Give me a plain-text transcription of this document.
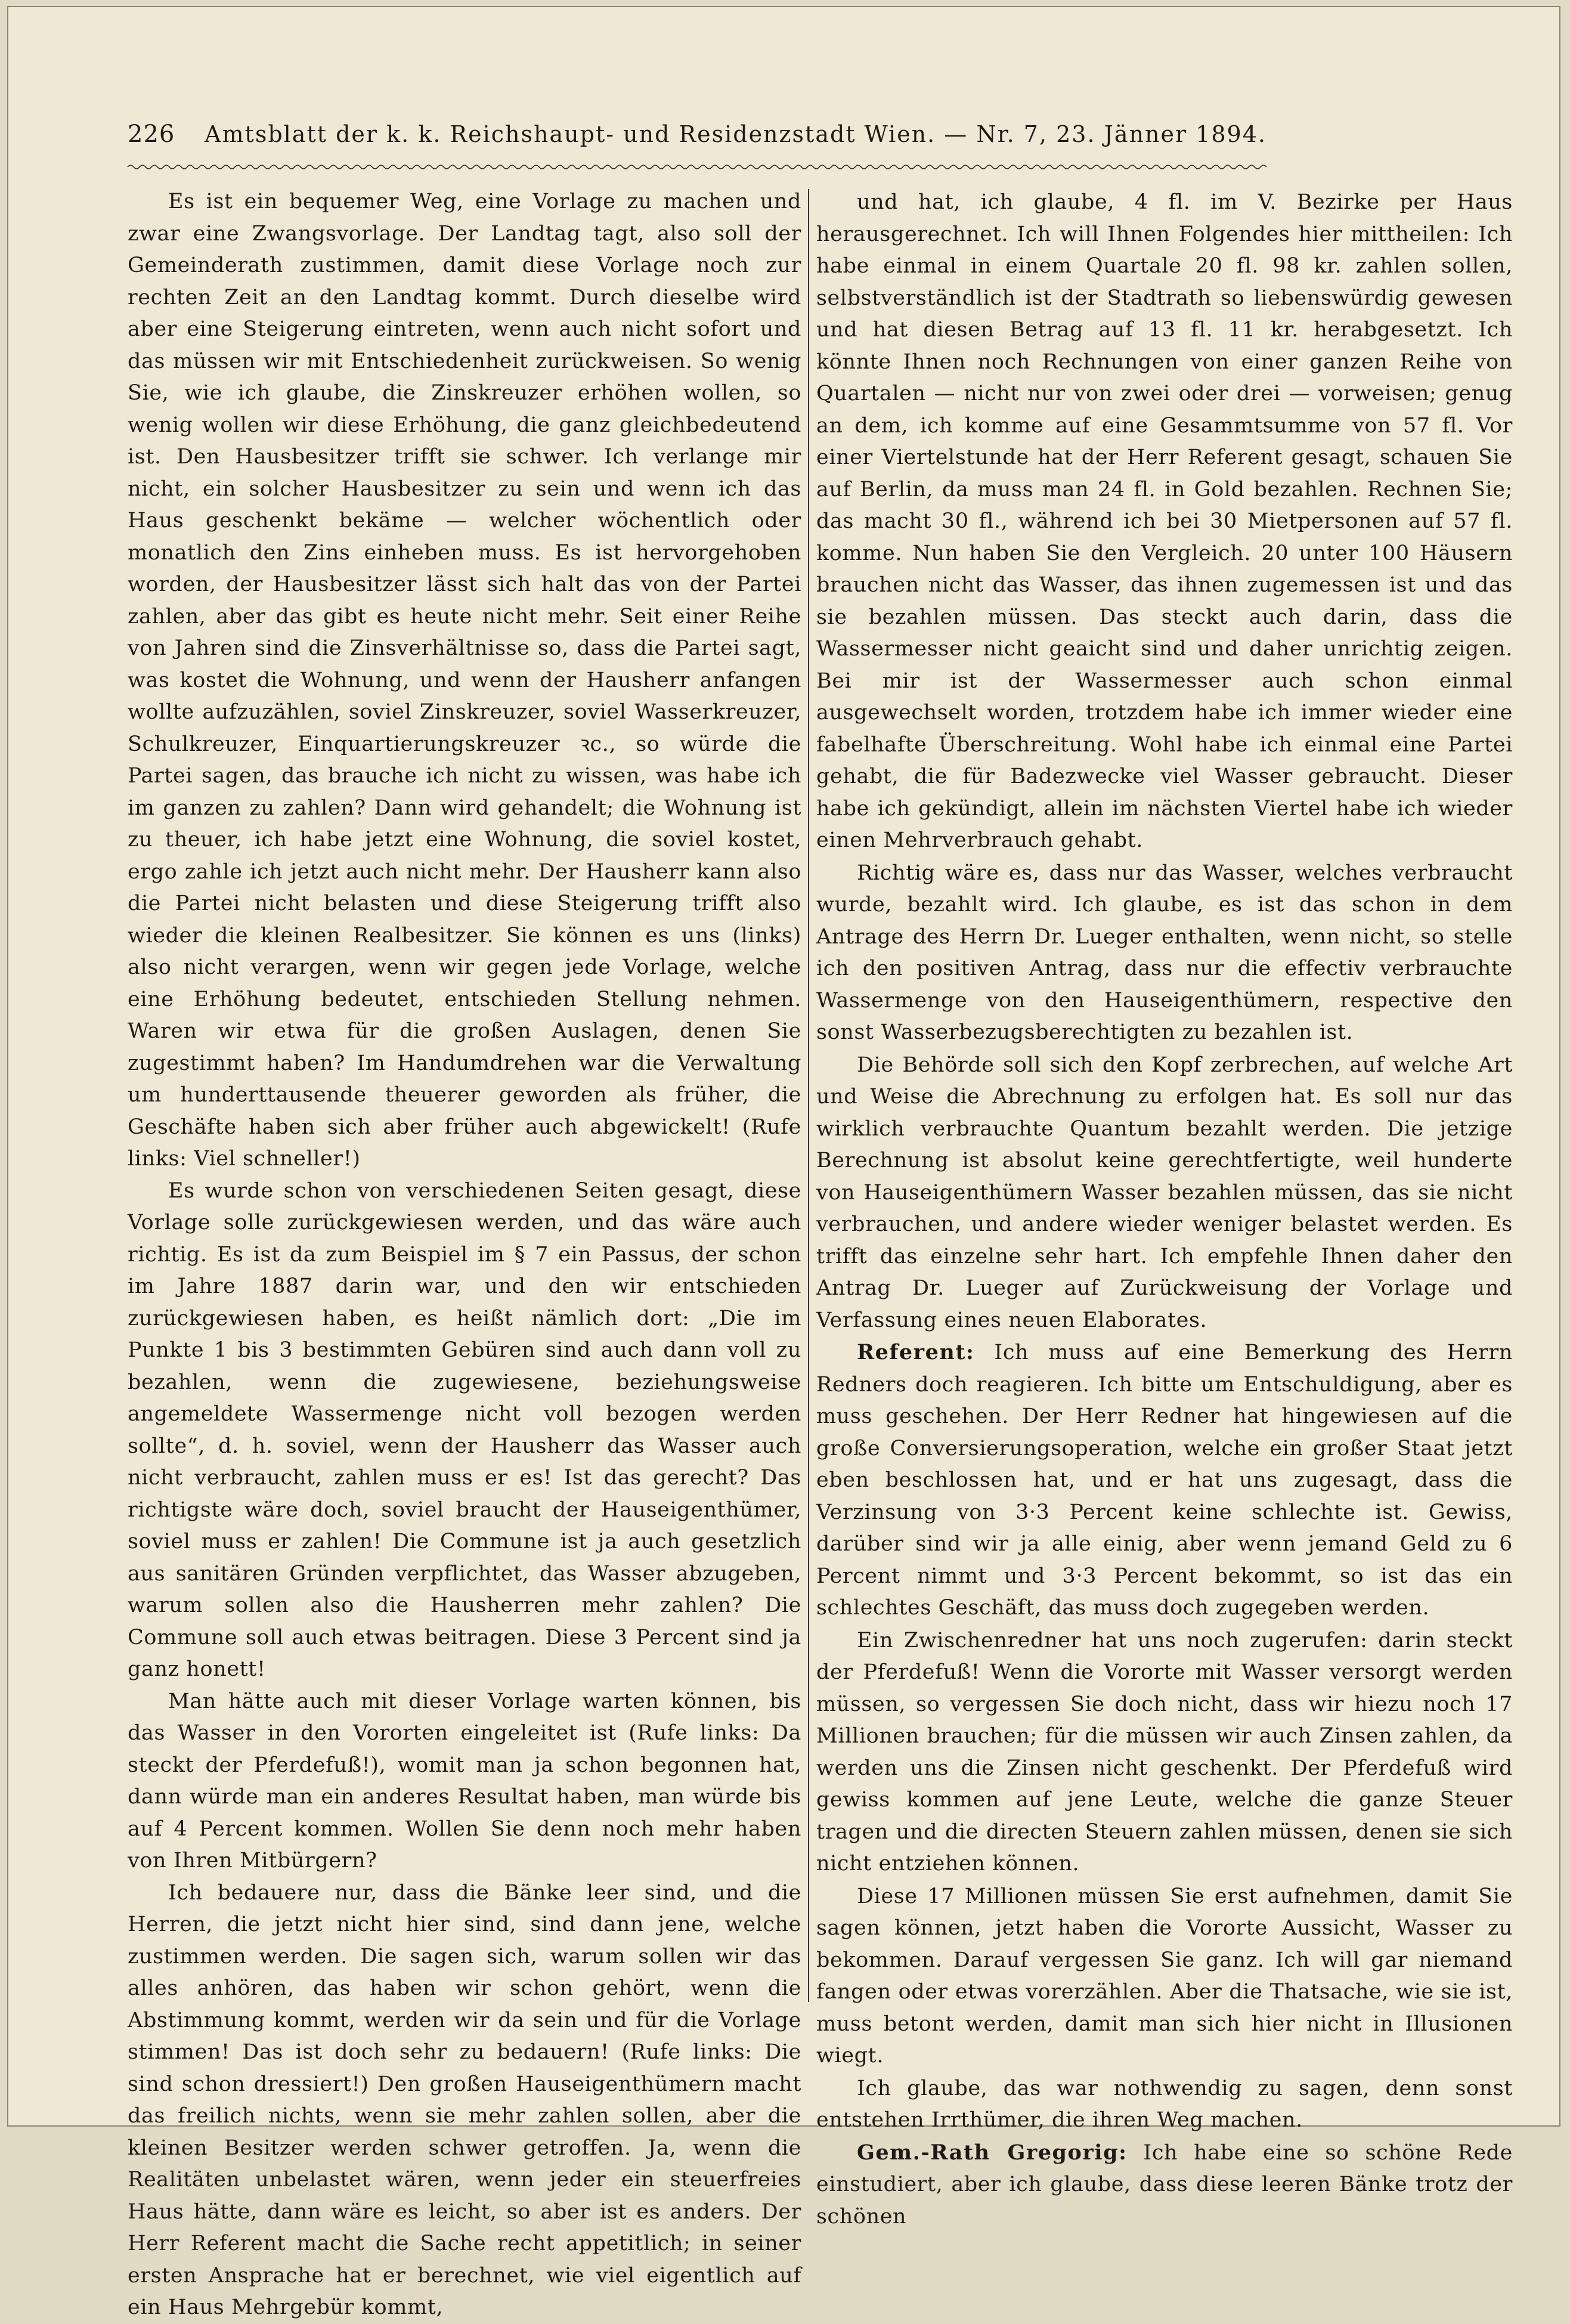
226 Amtsblatt der k. k. Reichshaupt- und Residenzstadt Wien. — Nr. 7, 23. Jänner 1894.

Es ist ein bequemer Weg, eine Vorlage zu machen und zwar eine Zwangsvorlage. Der Landtag tagt, also soll der Gemeinderath zustimmen, damit diese Vorlage noch zur rechten Zeit an den Landtag kommt. Durch dieselbe wird aber eine Steigerung eintreten, wenn auch nicht sofort und das müssen wir mit Entschiedenheit zurückweisen. So wenig Sie, wie ich glaube, die Zinskreuzer erhöhen wollen, so wenig wollen wir diese Erhöhung, die ganz gleichbedeutend ist. Den Hausbesitzer trifft sie schwer. Ich verlange mir nicht, ein solcher Hausbesitzer zu sein und wenn ich das Haus geschenkt bekäme — welcher wöchentlich oder monatlich den Zins einheben muss. Es ist hervorgehoben worden, der Hausbesitzer lässt sich halt das von der Partei zahlen, aber das gibt es heute nicht mehr. Seit einer Reihe von Jahren sind die Zinsverhältnisse so, dass die Partei sagt, was kostet die Wohnung, und wenn der Hausherr anfangen wollte aufzuzählen, soviel Zinskreuzer, soviel Wasserkreuzer, Schulkreuzer, Einquartierungskreuzer ꝛc., so würde die Partei sagen, das brauche ich nicht zu wissen, was habe ich im ganzen zu zahlen? Dann wird gehandelt; die Wohnung ist zu theuer, ich habe jetzt eine Wohnung, die soviel kostet, ergo zahle ich jetzt auch nicht mehr. Der Hausherr kann also die Partei nicht belasten und diese Steigerung trifft also wieder die kleinen Realbesitzer. Sie können es uns (links) also nicht verargen, wenn wir gegen jede Vorlage, welche eine Erhöhung bedeutet, entschieden Stellung nehmen. Waren wir etwa für die großen Auslagen, denen Sie zugestimmt haben? Im Handumdrehen war die Verwaltung um hunderttausende theuerer geworden als früher, die Geschäfte haben sich aber früher auch abgewickelt! (Rufe links: Viel schneller!)

Es wurde schon von verschiedenen Seiten gesagt, diese Vorlage solle zurückgewiesen werden, und das wäre auch richtig. Es ist da zum Beispiel im § 7 ein Passus, der schon im Jahre 1887 darin war, und den wir entschieden zurückgewiesen haben, es heißt nämlich dort: „Die im Punkte 1 bis 3 bestimmten Gebüren sind auch dann voll zu bezahlen, wenn die zugewiesene, beziehungsweise angemeldete Wassermenge nicht voll bezogen werden sollte“, d. h. soviel, wenn der Hausherr das Wasser auch nicht verbraucht, zahlen muss er es! Ist das gerecht? Das richtigste wäre doch, soviel braucht der Hauseigenthümer, soviel muss er zahlen! Die Commune ist ja auch gesetzlich aus sanitären Gründen verpflichtet, das Wasser abzugeben, warum sollen also die Hausherren mehr zahlen? Die Commune soll auch etwas beitragen. Diese 3 Percent sind ja ganz honett!

Man hätte auch mit dieser Vorlage warten können, bis das Wasser in den Vororten eingeleitet ist (Rufe links: Da steckt der Pferdefuß!), womit man ja schon begonnen hat, dann würde man ein anderes Resultat haben, man würde bis auf 4 Percent kommen. Wollen Sie denn noch mehr haben von Ihren Mitbürgern?

Ich bedauere nur, dass die Bänke leer sind, und die Herren, die jetzt nicht hier sind, sind dann jene, welche zustimmen werden. Die sagen sich, warum sollen wir das alles anhören, das haben wir schon gehört, wenn die Abstimmung kommt, werden wir da sein und für die Vorlage stimmen! Das ist doch sehr zu bedauern! (Rufe links: Die sind schon dressiert!) Den großen Hauseigenthümern macht das freilich nichts, wenn sie mehr zahlen sollen, aber die kleinen Besitzer werden schwer getroffen. Ja, wenn die Realitäten unbelastet wären, wenn jeder ein steuerfreies Haus hätte, dann wäre es leicht, so aber ist es anders. Der Herr Referent macht die Sache recht appetitlich; in seiner ersten Ansprache hat er berechnet, wie viel eigentlich auf ein Haus Mehrgebür kommt,

und hat, ich glaube, 4 fl. im V. Bezirke per Haus herausgerechnet. Ich will Ihnen Folgendes hier mittheilen: Ich habe einmal in einem Quartale 20 fl. 98 kr. zahlen sollen, selbstverständlich ist der Stadtrath so liebenswürdig gewesen und hat diesen Betrag auf 13 fl. 11 kr. herabgesetzt. Ich könnte Ihnen noch Rechnungen von einer ganzen Reihe von Quartalen — nicht nur von zwei oder drei — vorweisen; genug an dem, ich komme auf eine Gesammtsumme von 57 fl. Vor einer Viertelstunde hat der Herr Referent gesagt, schauen Sie auf Berlin, da muss man 24 fl. in Gold bezahlen. Rechnen Sie; das macht 30 fl., während ich bei 30 Mietpersonen auf 57 fl. komme. Nun haben Sie den Vergleich. 20 unter 100 Häusern brauchen nicht das Wasser, das ihnen zugemessen ist und das sie bezahlen müssen. Das steckt auch darin, dass die Wassermesser nicht geaicht sind und daher unrichtig zeigen. Bei mir ist der Wassermesser auch schon einmal ausgewechselt worden, trotzdem habe ich immer wieder eine fabelhafte Überschreitung. Wohl habe ich einmal eine Partei gehabt, die für Badezwecke viel Wasser gebraucht. Dieser habe ich gekündigt, allein im nächsten Viertel habe ich wieder einen Mehrverbrauch gehabt.

Richtig wäre es, dass nur das Wasser, welches verbraucht wurde, bezahlt wird. Ich glaube, es ist das schon in dem Antrage des Herrn Dr. Lueger enthalten, wenn nicht, so stelle ich den positiven Antrag, dass nur die effectiv verbrauchte Wassermenge von den Hauseigenthümern, respective den sonst Wasserbezugsberechtigten zu bezahlen ist.

Die Behörde soll sich den Kopf zerbrechen, auf welche Art und Weise die Abrechnung zu erfolgen hat. Es soll nur das wirklich verbrauchte Quantum bezahlt werden. Die jetzige Berechnung ist absolut keine gerechtfertigte, weil hunderte von Hauseigenthümern Wasser bezahlen müssen, das sie nicht verbrauchen, und andere wieder weniger belastet werden. Es trifft das einzelne sehr hart. Ich empfehle Ihnen daher den Antrag Dr. Lueger auf Zurückweisung der Vorlage und Verfassung eines neuen Elaborates.

Referent: Ich muss auf eine Bemerkung des Herrn Redners doch reagieren. Ich bitte um Entschuldigung, aber es muss geschehen. Der Herr Redner hat hingewiesen auf die große Conversierungsoperation, welche ein großer Staat jetzt eben beschlossen hat, und er hat uns zugesagt, dass die Verzinsung von 3·3 Percent keine schlechte ist. Gewiss, darüber sind wir ja alle einig, aber wenn jemand Geld zu 6 Percent nimmt und 3·3 Percent bekommt, so ist das ein schlechtes Geschäft, das muss doch zugegeben werden.

Ein Zwischenredner hat uns noch zugerufen: darin steckt der Pferdefuß! Wenn die Vororte mit Wasser versorgt werden müssen, so vergessen Sie doch nicht, dass wir hiezu noch 17 Millionen brauchen; für die müssen wir auch Zinsen zahlen, da werden uns die Zinsen nicht geschenkt. Der Pferdefuß wird gewiss kommen auf jene Leute, welche die ganze Steuer tragen und die directen Steuern zahlen müssen, denen sie sich nicht entziehen können.

Diese 17 Millionen müssen Sie erst aufnehmen, damit Sie sagen können, jetzt haben die Vororte Aussicht, Wasser zu bekommen. Darauf vergessen Sie ganz. Ich will gar niemand fangen oder etwas vorerzählen. Aber die Thatsache, wie sie ist, muss betont werden, damit man sich hier nicht in Illusionen wiegt.

Ich glaube, das war nothwendig zu sagen, denn sonst entstehen Irrthümer, die ihren Weg machen.

Gem.-Rath Gregorig: Ich habe eine so schöne Rede einstudiert, aber ich glaube, dass diese leeren Bänke trotz der schönen
